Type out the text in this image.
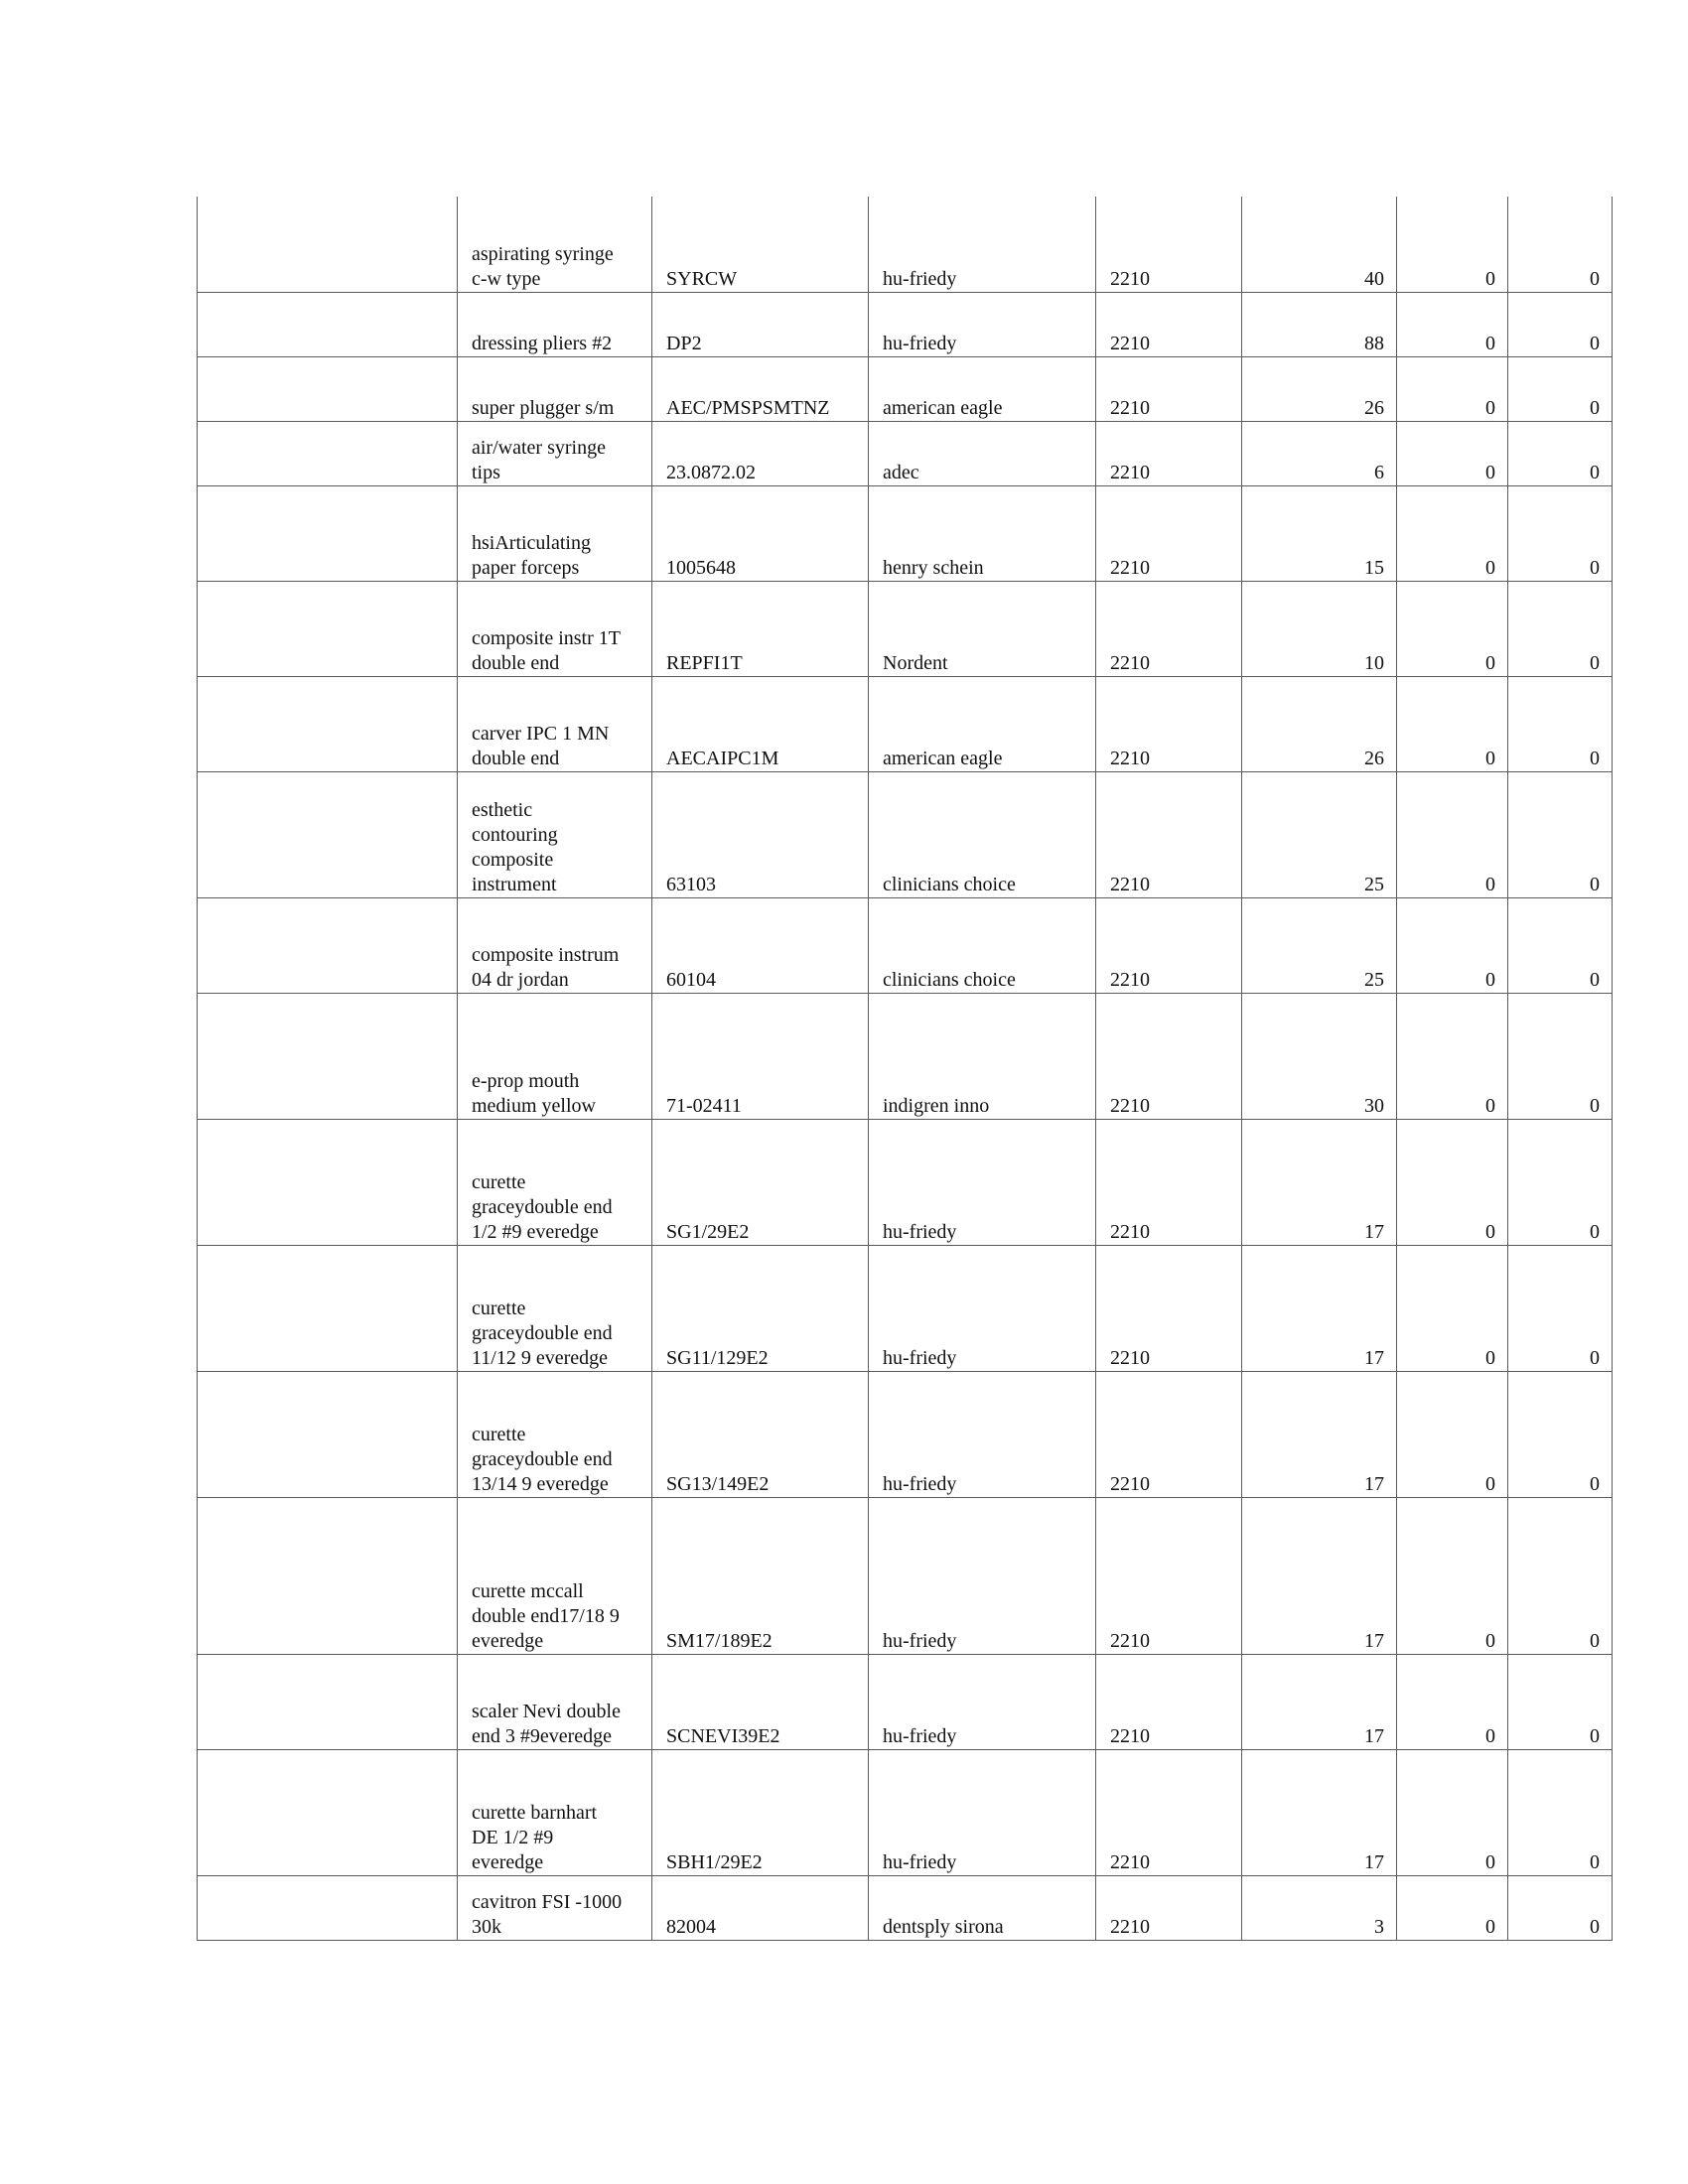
	aspirating syringe
c-w type	SYRCW	hu-friedy	2210	40	0	0
	dressing pliers #2	DP2	hu-friedy	2210	88	0	0
	super plugger s/m	AEC/PMSPSMTNZ	american eagle	2210	26	0	0
	air/water syringe
tips	23.0872.02	adec	2210	6	0	0
	hsiArticulating
paper forceps	1005648	henry schein	2210	15	0	0
	composite instr 1T
double end	REPFI1T	Nordent	2210	10	0	0
	carver IPC 1 MN
double end	AECAIPC1M	american eagle	2210	26	0	0
	esthetic
contouring
composite
instrument	63103	clinicians choice	2210	25	0	0
	composite instrum
04 dr jordan	60104	clinicians choice	2210	25	0	0
	e-prop mouth
medium yellow	71-02411	indigren inno	2210	30	0	0
	curette
graceydouble end
1/2 #9 everedge	SG1/29E2	hu-friedy	2210	17	0	0
	curette
graceydouble end
11/12 9 everedge	SG11/129E2	hu-friedy	2210	17	0	0
	curette
graceydouble end
13/14 9 everedge	SG13/149E2	hu-friedy	2210	17	0	0
	curette mccall
double end17/18 9
everedge	SM17/189E2	hu-friedy	2210	17	0	0
	scaler Nevi double
end 3 #9everedge	SCNEVI39E2	hu-friedy	2210	17	0	0
	curette barnhart
DE 1/2 #9
everedge	SBH1/29E2	hu-friedy	2210	17	0	0
	cavitron FSI -1000
30k	82004	dentsply sirona	2210	3	0	0
